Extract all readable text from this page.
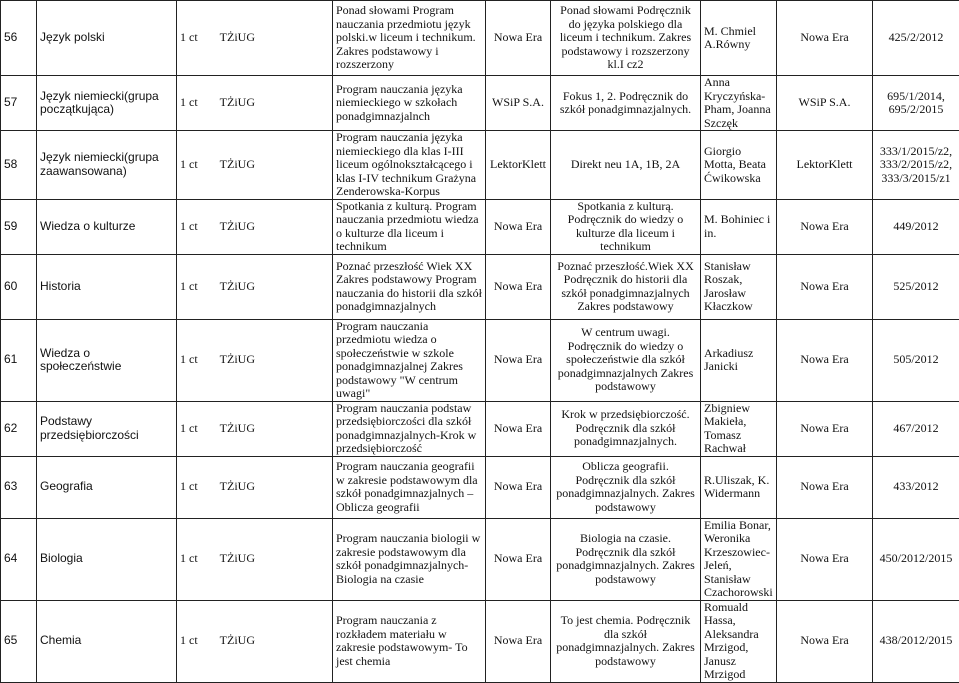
56	Język polski	1 ct TŻiUG	Ponad słowami Program nauczania przedmiotu język polski.w liceum i technikum. Zakres podstawowy i rozszerzony	Nowa Era	Ponad słowami Podręcznik do języka polskiego dla liceum i technikum. Zakres podstawowy i rozszerzony kl.I cz2	M. Chmiel A.Równy	Nowa Era	425/2/2012
57	Język niemiecki(grupa początkująca)	1 ct TŻiUG	Program nauczania języka niemieckiego w szkołach ponadgimnazjalnch	WSiP S.A.	Fokus 1, 2. Podręcznik do szkół ponadgimnazjalnych.	Anna Kryczyńska-Pham, Joanna Szczęk	WSiP S.A.	695/1/2014, 695/2/2015
58	Język niemiecki(grupa zaawansowana)	1 ct TŻiUG	Program nauczania języka niemieckiego dla klas I-III liceum ogólnokształcącego i klas I-IV technikum Grażyna Zenderowska-Korpus	LektorKlett	Direkt neu 1A, 1B, 2A	Giorgio Motta, Beata Ćwikowska	LektorKlett	333/1/2015/z2, 333/2/2015/z2, 333/3/2015/z1
59	Wiedza o kulturze	1 ct TŻiUG	Spotkania z kulturą. Program nauczania przedmiotu wiedza o kulturze dla liceum i technikum	Nowa Era	Spotkania z kulturą. Podręcznik do wiedzy o kulturze dla liceum i technikum	M. Bohiniec i in.	Nowa Era	449/2012
60	Historia	1 ct TŻiUG	Poznać przeszłość Wiek XX Zakres podstawowy Program nauczania do historii dla szkół ponadgimnazjalnych	Nowa Era	Poznać przeszłość.Wiek XX Podręcznik do historii dla szkół ponadgimnazjalnych Zakres podstawowy	Stanisław Roszak, Jarosław Kłaczkow	Nowa Era	525/2012
61	Wiedza o społeczeństwie	1 ct TŻiUG	Program nauczania przedmiotu wiedza o społeczeństwie w szkole ponadgimnazjalnej Zakres podstawowy "W centrum uwagi"	Nowa Era	W centrum uwagi. Podręcznik do wiedzy o społeczeństwie dla szkół ponadgimnazjalnych Zakres podstawowy	Arkadiusz Janicki	Nowa Era	505/2012
62	Podstawy przedsiębiorczości	1 ct TŻiUG	Program nauczania podstaw przedsiębiorczości dla szkół ponadgimnazjalnych-Krok w przedsiębiorczość	Nowa Era	Krok w przedsiębiorczość. Podręcznik dla szkół ponadgimnazjalnych.	Zbigniew Makieła, Tomasz Rachwał	Nowa Era	467/2012
63	Geografia	1 ct TŻiUG	Program nauczania geografii w zakresie podstawowym dla szkół ponadgimnazjalnych – Oblicza geografii	Nowa Era	Oblicza geografii. Podręcznik dla szkół ponadgimnazjalnych. Zakres podstawowy	R.Uliszak, K. Widermann	Nowa Era	433/2012
64	Biologia	1 ct TŻiUG	Program nauczania biologii w zakresie podstawowym dla szkół ponadgimnazjalnych-Biologia na czasie	Nowa Era	Biologia na czasie. Podręcznik dla szkół ponadgimnazjalnych. Zakres podstawowy	Emilia Bonar, Weronika Krzeszowiec-Jeleń, Stanisław Czachorowski	Nowa Era	450/2012/2015
65	Chemia	1 ct TŻiUG	Program nauczania z rozkładem materiału w zakresie podstawowym- To jest chemia	Nowa Era	To jest chemia. Podręcznik dla szkół ponadgimnazjalnych. Zakres podstawowy	Romuald Hassa, Aleksandra Mrzigod, Janusz Mrzigod	Nowa Era	438/2012/2015
